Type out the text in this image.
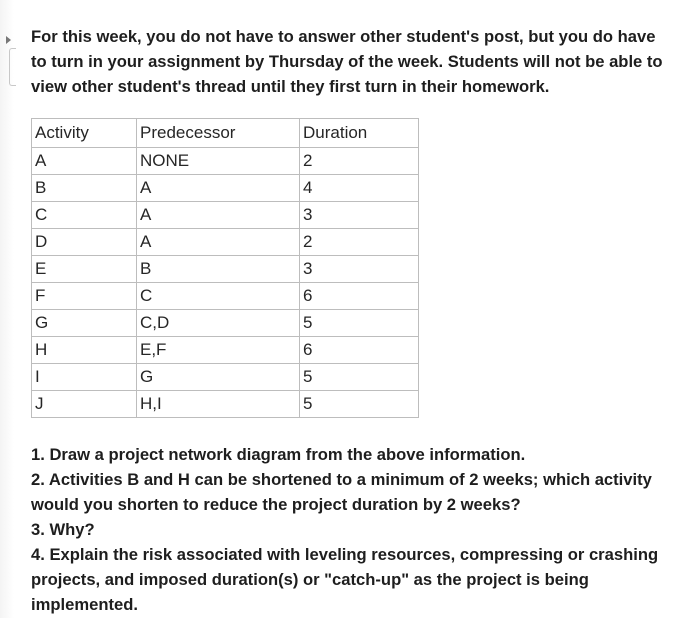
For this week, you do not have to answer other student's post, but you do have to turn in your assignment by Thursday of the week. Students will not be able to view other student's thread until they first turn in their homework.

Activity	Predecessor	Duration
A	NONE	2
B	A	4
C	A	3
D	A	2
E	B	3
F	C	6
G	C,D	5
H	E,F	6
I	G	5
J	H,I	5
1. Draw a project network diagram from the above information.
2. Activities B and H can be shortened to a minimum of 2 weeks; which activity would you shorten to reduce the project duration by 2 weeks?
3. Why?
4. Explain the risk associated with leveling resources, compressing or crashing projects, and imposed duration(s) or "catch-up" as the project is being implemented.
